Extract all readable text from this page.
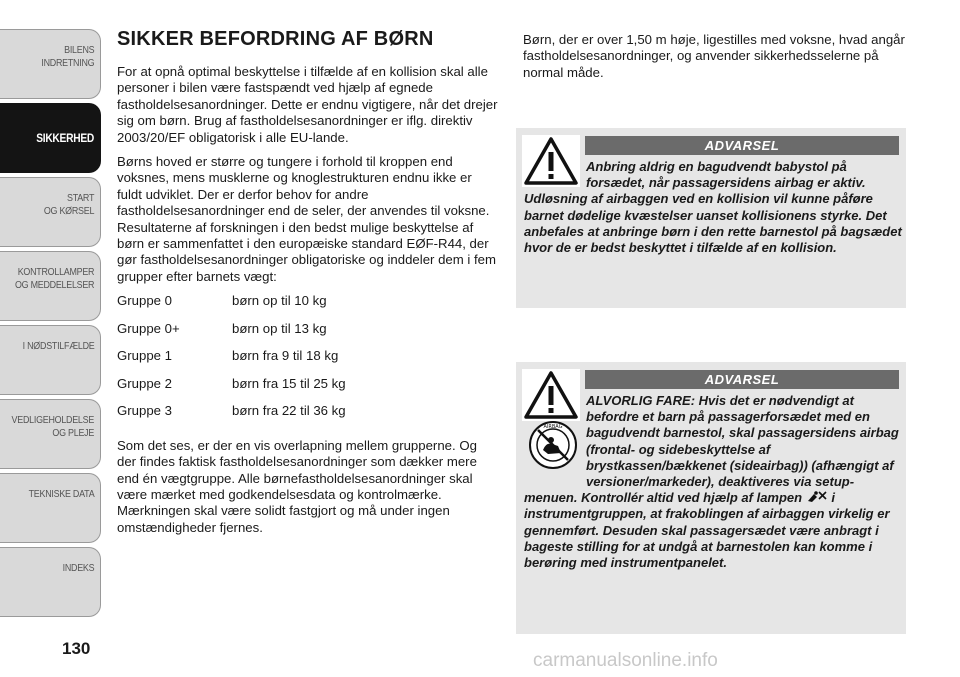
BILENS
INDRETNING
SIKKERHED
START
OG KØRSEL
KONTROLLAMPER
OG MEDDELELSER
I NØDSTILFÆLDE
VEDLIGEHOLDELSE
OG PLEJE
TEKNISKE DATA
INDEKS
130
SIKKER BEFORDRING AF BØRN

For at opnå optimal beskyttelse i tilfælde af en kollision skal alle personer i bilen være fastspændt ved hjælp af egnede fastholdelsesanordninger. Dette er endnu vigtigere, når det drejer sig om børn. Brug af fastholdelsesanordninger er iflg. direktiv 2003/20/EF obligatorisk i alle EU-lande.

Børns hoved er større og tungere i forhold til kroppen end voksnes, mens musklerne og knoglestrukturen endnu ikke er fuldt udviklet. Der er derfor behov for andre fastholdelsesanordninger end de seler, der anvendes til voksne. Resultaterne af forskningen i den bedst mulige beskyttelse af børn er sammenfattet i den europæiske standard EØF-R44, der gør fastholdelsesanordninger obligatoriske og inddeler dem i fem grupper efter barnets vægt:

Gruppe 0	børn op til 10 kg
Gruppe 0+	børn op til 13 kg
Gruppe 1	børn fra 9 til 18 kg
Gruppe 2	børn fra 15 til 25 kg
Gruppe 3	børn fra 22 til 36 kg

Som det ses, er der en vis overlapning mellem grupperne. Og der findes faktisk fastholdelsesanordninger som dækker mere end én vægtgruppe. Alle børnefastholdelsesanordninger skal være mærket med godkendelsesdata og kontrolmærke. Mærkningen skal være solidt fastgjort og må under ingen omstændigheder fjernes.

Børn, der er over 1,50 m høje, ligestilles med voksne, hvad angår fastholdelsesanordninger, og anvender sikkerhedsselerne på normal måde.

ADVARSEL

Anbring aldrig en bagudvendt babystol på forsædet, når passagersidens airbag er aktiv. Udløsning af airbaggen ved en kollision vil kunne påføre barnet dødelige kvæstelser uanset kollisionens styrke. Det anbefales at anbringe børn i den rette barnestol på bagsædet hvor de er bedst beskyttet i tilfælde af en kollision.

AIRBAG
ADVARSEL

ALVORLIG FARE: Hvis det er nødvendigt at befordre et barn på passagerforsædet med en bagudvendt barnestol, skal passagersidens airbag (frontal- og sidebeskyttelse af brystkassen/bækkenet (sideairbag)) (afhængigt af versioner/markeder), deaktiveres via setup-menuen. Kontrollér altid ved hjælp af lampen  i instrumentgruppen, at frakoblingen af airbaggen virkelig er gennemført. Desuden skal passagersædet være anbragt i bageste stilling for at undgå at barnestolen kan komme i berøring med instrumentpanelet.

carmanualsonline.info
